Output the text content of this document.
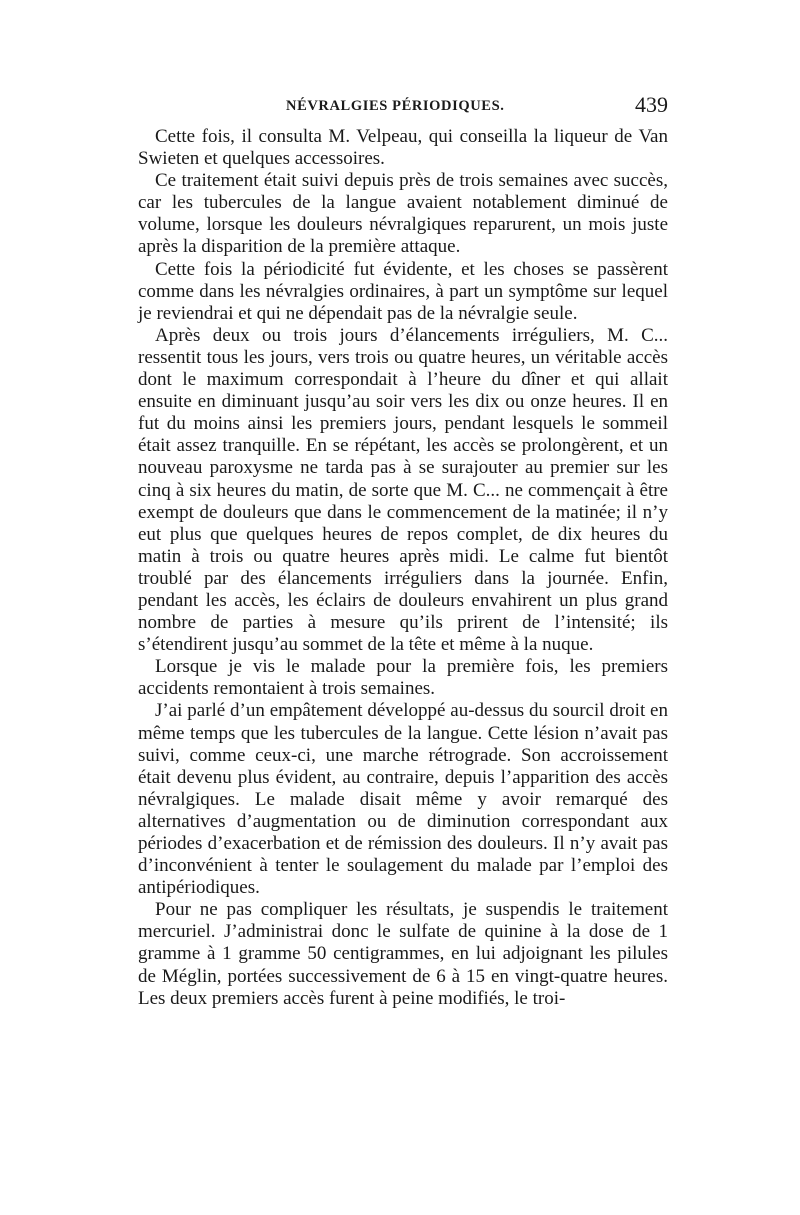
NÉVRALGIES PÉRIODIQUES.	439

Cette fois, il consulta M. Velpeau, qui conseilla la liqueur de Van Swieten et quelques accessoires.

Ce traitement était suivi depuis près de trois semaines avec succès, car les tubercules de la langue avaient notablement diminué de volume, lorsque les douleurs névralgiques reparurent, un mois juste après la disparition de la première attaque.

Cette fois la périodicité fut évidente, et les choses se passèrent comme dans les névralgies ordinaires, à part un symptôme sur lequel je reviendrai et qui ne dépendait pas de la névralgie seule.

Après deux ou trois jours d’élancements irréguliers, M. C... ressentit tous les jours, vers trois ou quatre heures, un véritable accès dont le maximum correspondait à l’heure du dîner et qui allait ensuite en diminuant jusqu’au soir vers les dix ou onze heures. Il en fut du moins ainsi les premiers jours, pendant lesquels le sommeil était assez tranquille. En se répétant, les accès se prolongèrent, et un nouveau paroxysme ne tarda pas à se surajouter au premier sur les cinq à six heures du matin, de sorte que M. C... ne commençait à être exempt de douleurs que dans le commencement de la matinée; il n’y eut plus que quelques heures de repos complet, de dix heures du matin à trois ou quatre heures après midi. Le calme fut bientôt troublé par des élancements irréguliers dans la journée. Enfin, pendant les accès, les éclairs de douleurs envahirent un plus grand nombre de parties à mesure qu’ils prirent de l’intensité; ils s’étendirent jusqu’au sommet de la tête et même à la nuque.

Lorsque je vis le malade pour la première fois, les premiers accidents remontaient à trois semaines.

J’ai parlé d’un empâtement développé au-dessus du sourcil droit en même temps que les tubercules de la langue. Cette lésion n’avait pas suivi, comme ceux-ci, une marche rétrograde. Son accroissement était devenu plus évident, au contraire, depuis l’apparition des accès névralgiques. Le malade disait même y avoir remarqué des alternatives d’augmentation ou de diminution correspondant aux périodes d’exacerbation et de rémission des douleurs. Il n’y avait pas d’inconvénient à tenter le soulagement du malade par l’emploi des antipériodiques.

Pour ne pas compliquer les résultats, je suspendis le traitement mercuriel. J’administrai donc le sulfate de quinine à la dose de 1 gramme à 1 gramme 50 centigrammes, en lui adjoignant les pilules de Méglin, portées successivement de 6 à 15 en vingt-quatre heures. Les deux premiers accès furent à peine modifiés, le troi-
